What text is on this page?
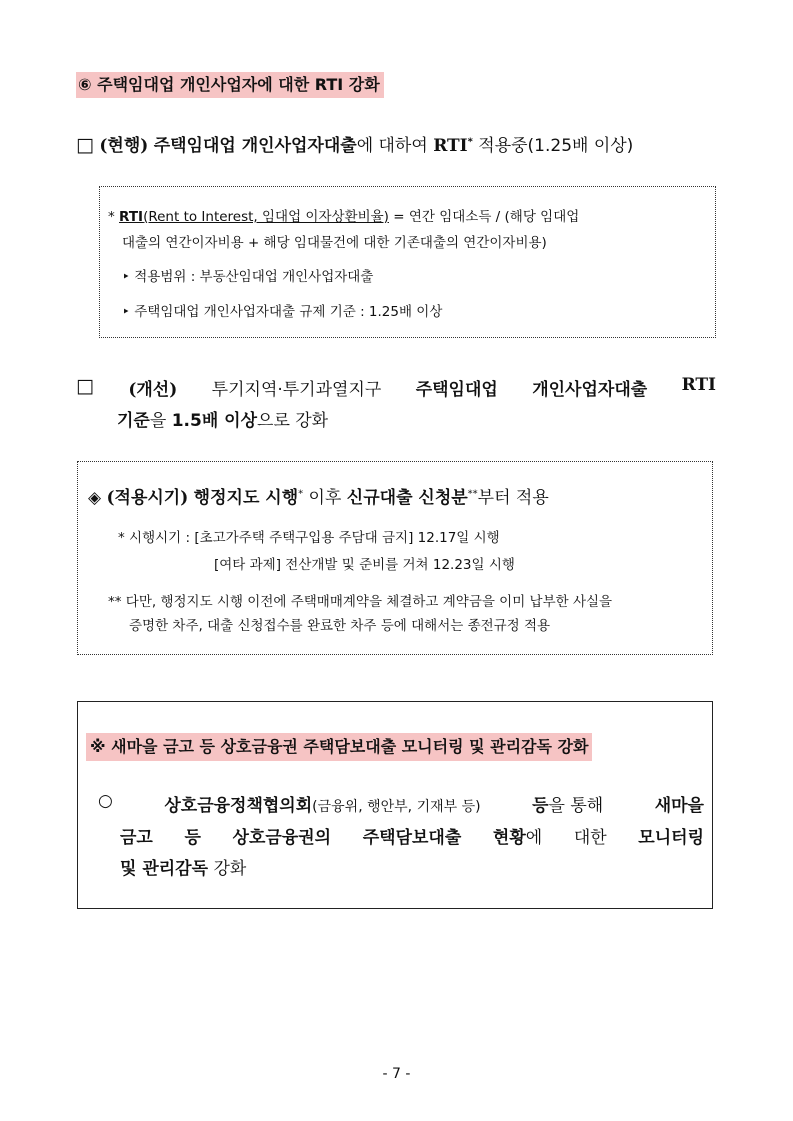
⑥ 주택임대업 개인사업자에 대한 RTI 강화
□ (현행) 주택임대업 개인사업자대출에 대하여 RTI* 적용중(1.25배 이상)
* RTI(Rent to Interest, 임대업 이자상환비율) = 연간 임대소득 / (해당 임대업
대출의 연간이자비용 + 해당 임대물건에 대한 기존대출의 연간이자비용)
‣ 적용범위 : 부동산임대업 개인사업자대출
‣ 주택임대업 개인사업자대출 규제 기준 : 1.25배 이상
□ (개선) 투기지역·투기과열지구 주택임대업 개인사업자대출 RTI
기준을 1.5배 이상으로 강화
◈ (적용시기) 행정지도 시행* 이후 신규대출 신청분**부터 적용
* 시행시기 : [초고가주택 주택구입용 주담대 금지] 12.17일 시행
[여타 과제] 전산개발 및 준비를 거쳐 12.23일 시행
** 다만, 행정지도 시행 이전에 주택매매계약을 체결하고 계약금을 이미 납부한 사실을
증명한 차주, 대출 신청접수를 완료한 차주 등에 대해서는 종전규정 적용
※ 새마을 금고 등 상호금융권 주택담보대출 모니터링 및 관리감독 강화
○	상호금융정책협의회(금융위, 행안부, 기재부 등)	등을 통해	새마을
금고 등 상호금융권의 주택담보대출 현황에 대한 모니터링
및 관리감독 강화
- 7 -
